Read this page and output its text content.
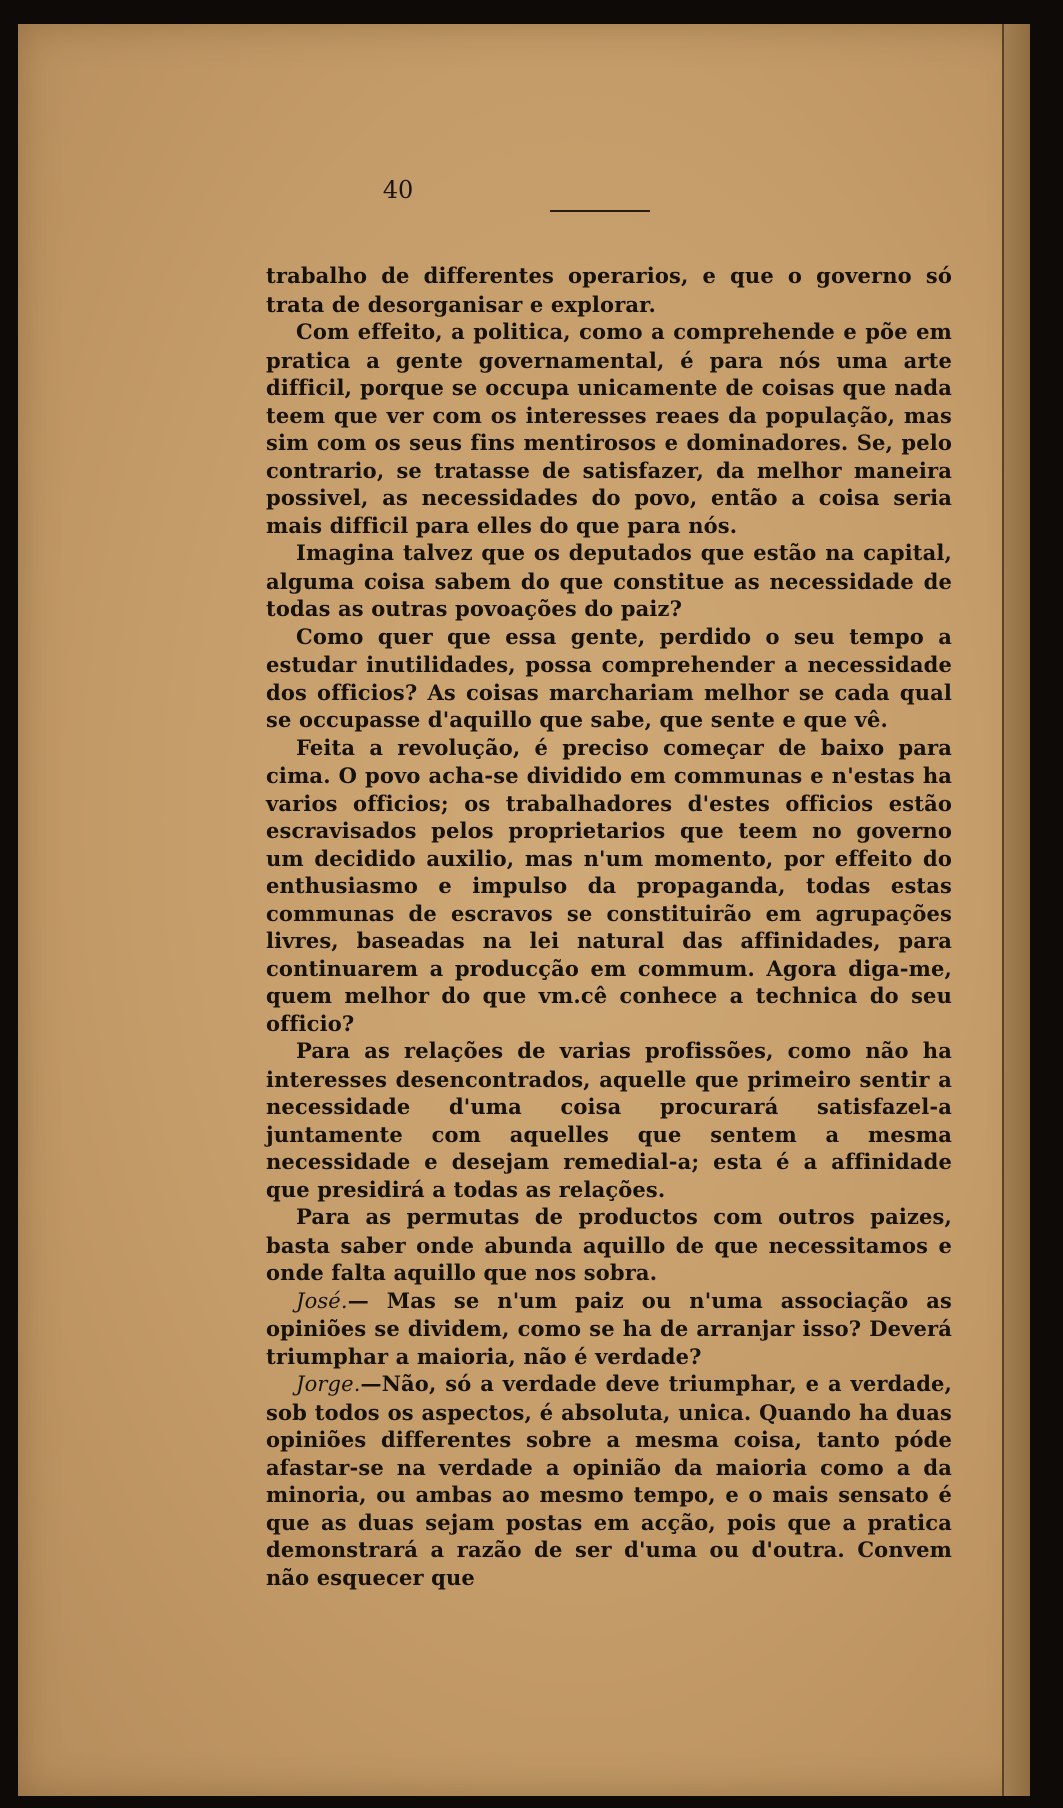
40

trabalho de differentes operarios, e que o governo só trata de desorganisar e explorar.

Com effeito, a politica, como a comprehende e põe em pratica a gente governamental, é para nós uma arte difficil, porque se occupa unicamente de coisas que nada teem que ver com os interesses reaes da população, mas sim com os seus fins mentirosos e dominadores. Se, pelo contrario, se tratasse de satisfazer, da melhor maneira possivel, as necessidades do povo, então a coisa seria mais difficil para elles do que para nós.

Imagina talvez que os deputados que estão na capital, alguma coisa sabem do que constitue as necessidade de todas as outras povoações do paiz?

Como quer que essa gente, perdido o seu tempo a estudar inutilidades, possa comprehender a necessidade dos officios? As coisas marchariam melhor se cada qual se occupasse d'aquillo que sabe, que sente e que vê.

Feita a revolução, é preciso começar de baixo para cima. O povo acha-se dividido em communas e n'estas ha varios officios; os trabalhadores d'estes officios estão escravisados pelos proprietarios que teem no governo um decidido auxilio, mas n'um momento, por effeito do enthusiasmo e impulso da propaganda, todas estas communas de escravos se constituirão em agrupações livres, baseadas na lei natural das affinidades, para continuarem a producção em commum. Agora diga-me, quem melhor do que vm.cê conhece a technica do seu officio?

Para as relações de varias profissões, como não ha interesses desencontrados, aquelle que primeiro sentir a necessidade d'uma coisa procurará satisfazel-a juntamente com aquelles que sentem a mesma necessidade e desejam remedial-a; esta é a affinidade que presidirá a todas as relações.

Para as permutas de productos com outros paizes, basta saber onde abunda aquillo de que necessitamos e onde falta aquillo que nos sobra.

José.— Mas se n'um paiz ou n'uma associação as opiniões se dividem, como se ha de arranjar isso? Deverá triumphar a maioria, não é verdade?

Jorge.—Não, só a verdade deve triumphar, e a verdade, sob todos os aspectos, é absoluta, unica. Quando ha duas opiniões differentes sobre a mesma coisa, tanto póde afastar-se na verdade a opinião da maioria como a da minoria, ou ambas ao mesmo tempo, e o mais sensato é que as duas sejam postas em acção, pois que a pratica demonstrará a razão de ser d'uma ou d'outra. Convem não esquecer que
